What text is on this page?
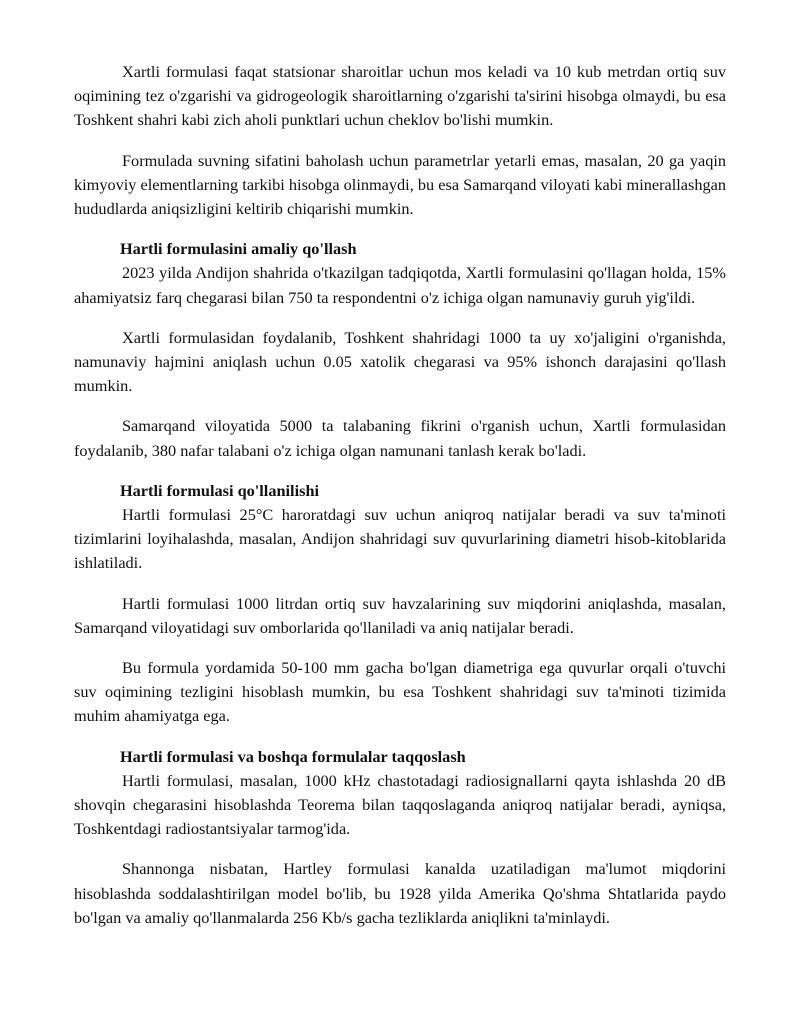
Xartli formulasi faqat statsionar sharoitlar uchun mos keladi va 10 kub metrdan ortiq suv oqimining tez o'zgarishi va gidrogeologik sharoitlarning o'zgarishi ta'sirini hisobga olmaydi, bu esa Toshkent shahri kabi zich aholi punktlari uchun cheklov bo'lishi mumkin.

Formulada suvning sifatini baholash uchun parametrlar yetarli emas, masalan, 20 ga yaqin kimyoviy elementlarning tarkibi hisobga olinmaydi, bu esa Samarqand viloyati kabi minerallashgan hududlarda aniqsizligini keltirib chiqarishi mumkin.

Hartli formulasini amaliy qo'llash

2023 yilda Andijon shahrida o'tkazilgan tadqiqotda, Xartli formulasini qo'llagan holda, 15% ahamiyatsiz farq chegarasi bilan 750 ta respondentni o'z ichiga olgan namunaviy guruh yig'ildi.

Xartli formulasidan foydalanib, Toshkent shahridagi 1000 ta uy xo'jaligini o'rganishda, namunaviy hajmini aniqlash uchun 0.05 xatolik chegarasi va 95% ishonch darajasini qo'llash mumkin.

Samarqand viloyatida 5000 ta talabaning fikrini o'rganish uchun, Xartli formulasidan foydalanib, 380 nafar talabani o'z ichiga olgan namunani tanlash kerak bo'ladi.

Hartli formulasi qo'llanilishi

Hartli formulasi 25°C haroratdagi suv uchun aniqroq natijalar beradi va suv ta'minoti tizimlarini loyihalashda, masalan, Andijon shahridagi suv quvurlarining diametri hisob-kitoblarida ishlatiladi.

Hartli formulasi 1000 litrdan ortiq suv havzalarining suv miqdorini aniqlashda, masalan, Samarqand viloyatidagi suv omborlarida qo'llaniladi va aniq natijalar beradi.

Bu formula yordamida 50-100 mm gacha bo'lgan diametriga ega quvurlar orqali o'tuvchi suv oqimining tezligini hisoblash mumkin, bu esa Toshkent shahridagi suv ta'minoti tizimida muhim ahamiyatga ega.

Hartli formulasi va boshqa formulalar taqqoslash

Hartli formulasi, masalan, 1000 kHz chastotadagi radiosignallarni qayta ishlashda 20 dB shovqin chegarasini hisoblashda Teorema bilan taqqoslaganda aniqroq natijalar beradi, ayniqsa, Toshkentdagi radiostantsiyalar tarmog'ida.

Shannonga nisbatan, Hartley formulasi kanalda uzatiladigan ma'lumot miqdorini hisoblashda soddalashtirilgan model bo'lib, bu 1928 yilda Amerika Qo'shma Shtatlarida paydo bo'lgan va amaliy qo'llanmalarda 256 Kb/s gacha tezliklarda aniqlikni ta'minlaydi.
